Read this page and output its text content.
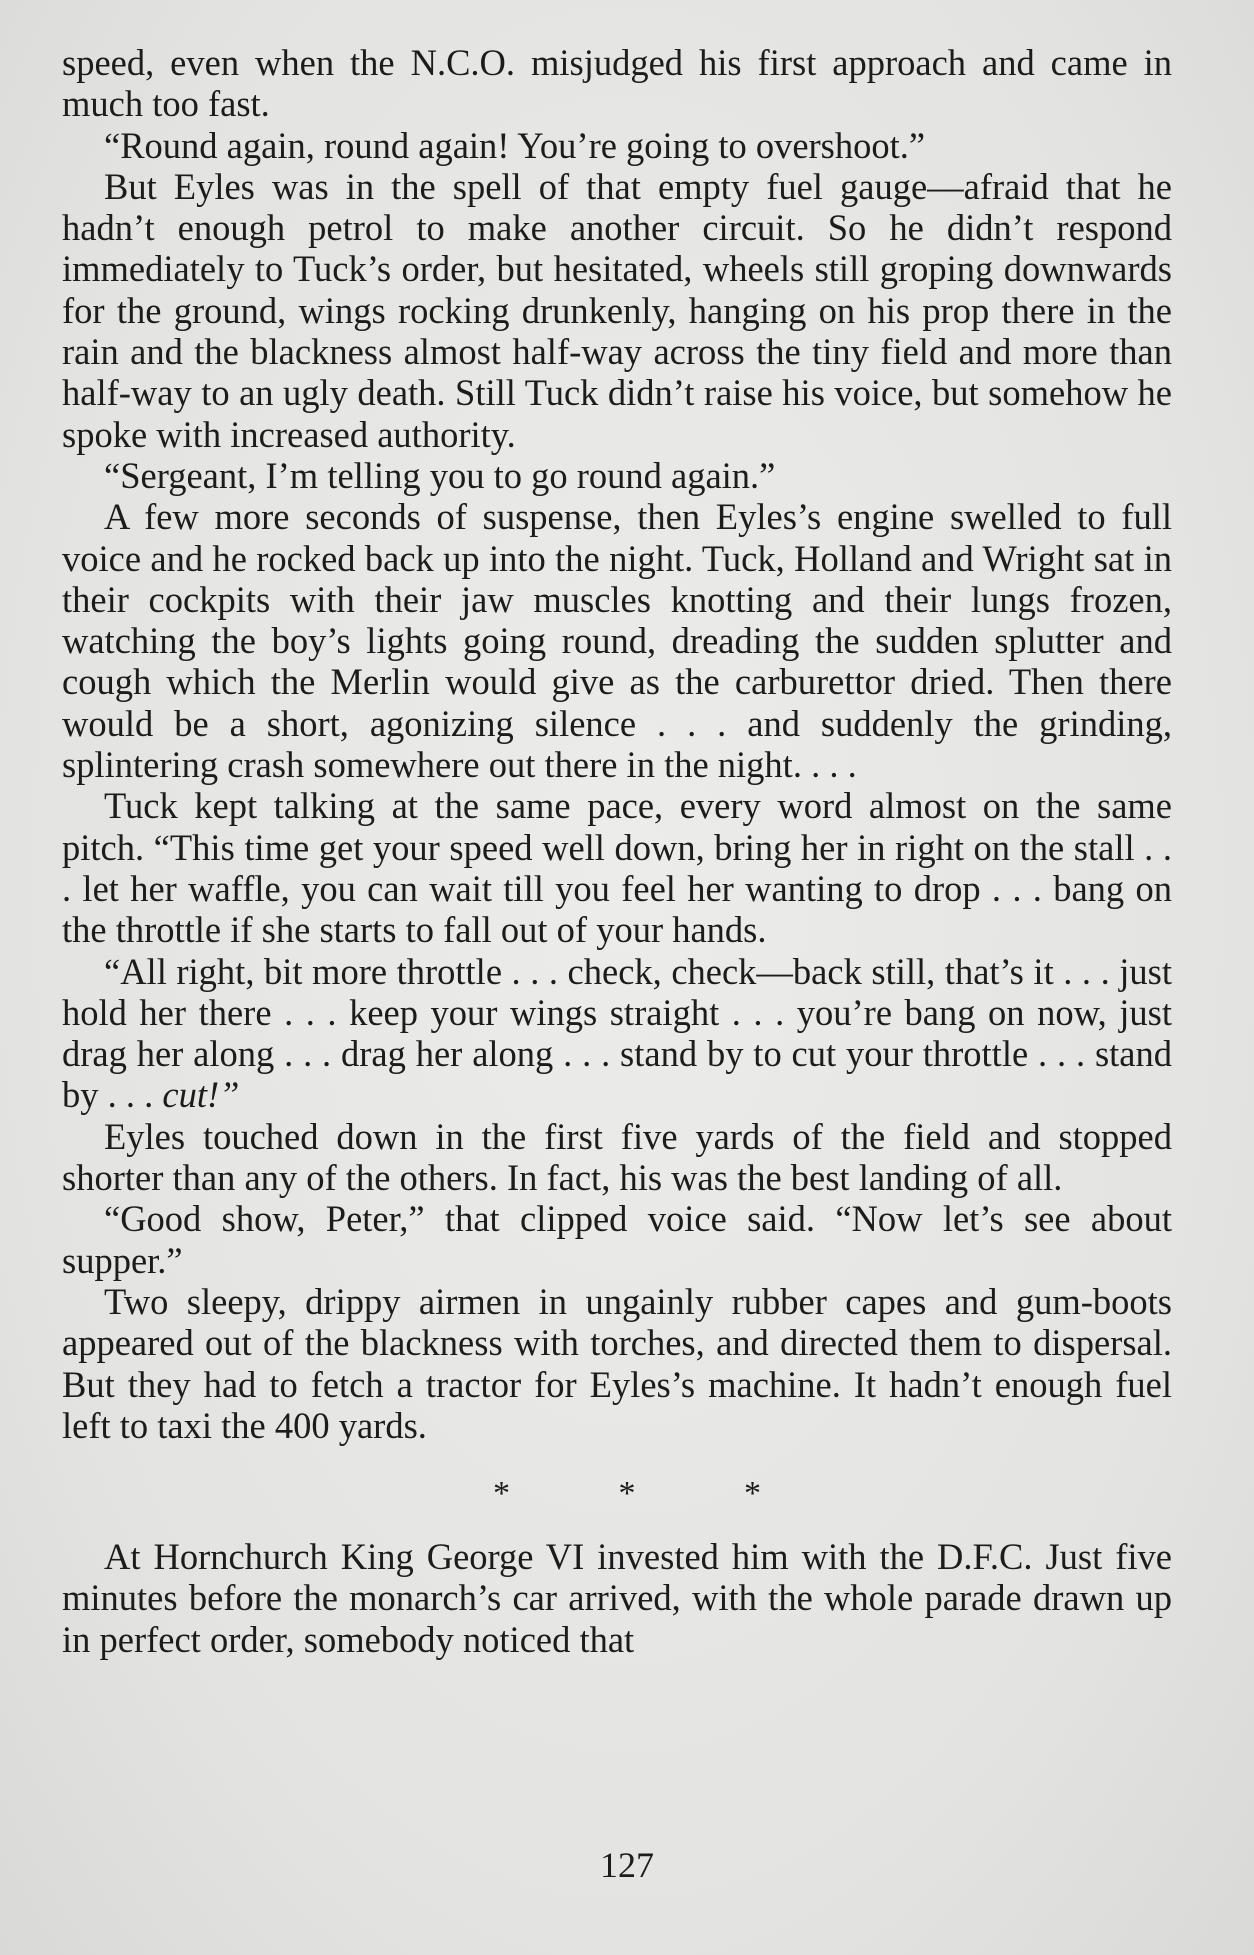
speed, even when the N.C.O. misjudged his first approach and came in much too fast.

“Round again, round again! You’re going to overshoot.”

But Eyles was in the spell of that empty fuel gauge—afraid that he hadn’t enough petrol to make another circuit. So he didn’t respond immediately to Tuck’s order, but hesitated, wheels still groping downwards for the ground, wings rocking drunkenly, hanging on his prop there in the rain and the blackness almost half-way across the tiny field and more than half-way to an ugly death. Still Tuck didn’t raise his voice, but somehow he spoke with increased authority.

“Sergeant, I’m telling you to go round again.”

A few more seconds of suspense, then Eyles’s engine swelled to full voice and he rocked back up into the night. Tuck, Holland and Wright sat in their cockpits with their jaw muscles knotting and their lungs frozen, watching the boy’s lights going round, dreading the sudden splutter and cough which the Merlin would give as the carburettor dried. Then there would be a short, agonizing silence . . . and suddenly the grinding, splintering crash somewhere out there in the night. . . .

Tuck kept talking at the same pace, every word almost on the same pitch. “This time get your speed well down, bring her in right on the stall . . . let her waffle, you can wait till you feel her wanting to drop . . . bang on the throttle if she starts to fall out of your hands.

“All right, bit more throttle . . . check, check—back still, that’s it . . . just hold her there . . . keep your wings straight . . . you’re bang on now, just drag her along . . . drag her along . . . stand by to cut your throttle . . . stand by . . . cut!”

Eyles touched down in the first five yards of the field and stopped shorter than any of the others. In fact, his was the best landing of all.

“Good show, Peter,” that clipped voice said. “Now let’s see about supper.”

Two sleepy, drippy airmen in ungainly rubber capes and gum-boots appeared out of the blackness with torches, and directed them to dispersal. But they had to fetch a tractor for Eyles’s machine. It hadn’t enough fuel left to taxi the 400 yards.

* * *

At Hornchurch King George VI invested him with the D.F.C. Just five minutes before the monarch’s car arrived, with the whole parade drawn up in perfect order, somebody noticed that

127
